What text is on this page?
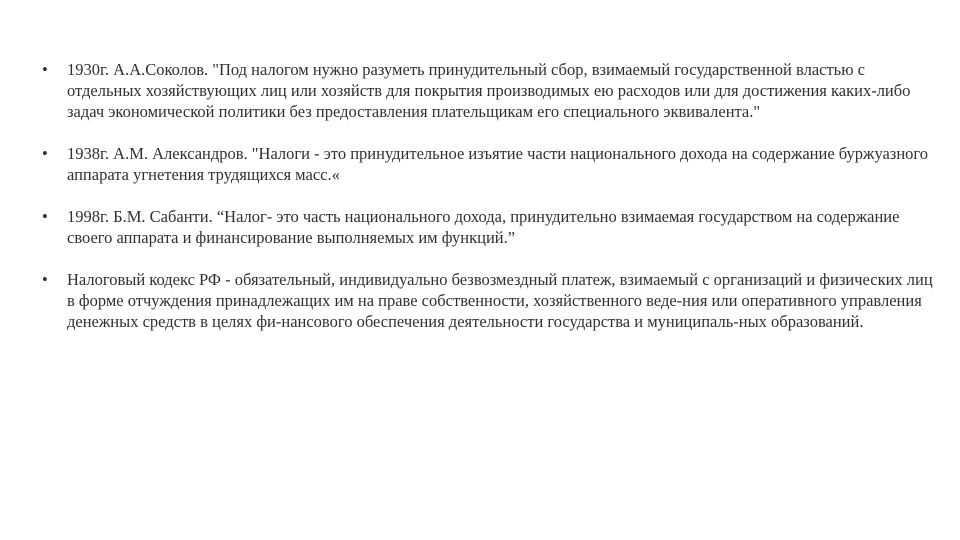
•	1930г. А.А.Соколов. "Под налогом нужно разуметь принудительный сбор, взимаемый государственной властью с отдельных хозяйствующих лиц или хозяйств для покрытия производимых ею расходов или для достижения каких-либо задач экономической политики без предоставления плательщикам его специального эквивалента."
•	1938г. А.М. Александров. "Налоги - это принудительное изъятие части национального дохода на содержание буржуазного аппарата угнетения трудящихся масс.«
•	1998г. Б.М. Сабанти. “Налог- это часть национального дохода, принудительно взимаемая государством на содержание своего аппарата и финансирование выполняемых им функций.”
•	Налоговый кодекс РФ - обязательный, индивидуально безвозмездный платеж, взимаемый с организаций и физических лиц в форме отчуждения принадлежащих им на праве собственности, хозяйственного веде-ния или оперативного управления денежных средств в целях фи-нансового обеспечения деятельности государства и муниципаль-ных образований.
